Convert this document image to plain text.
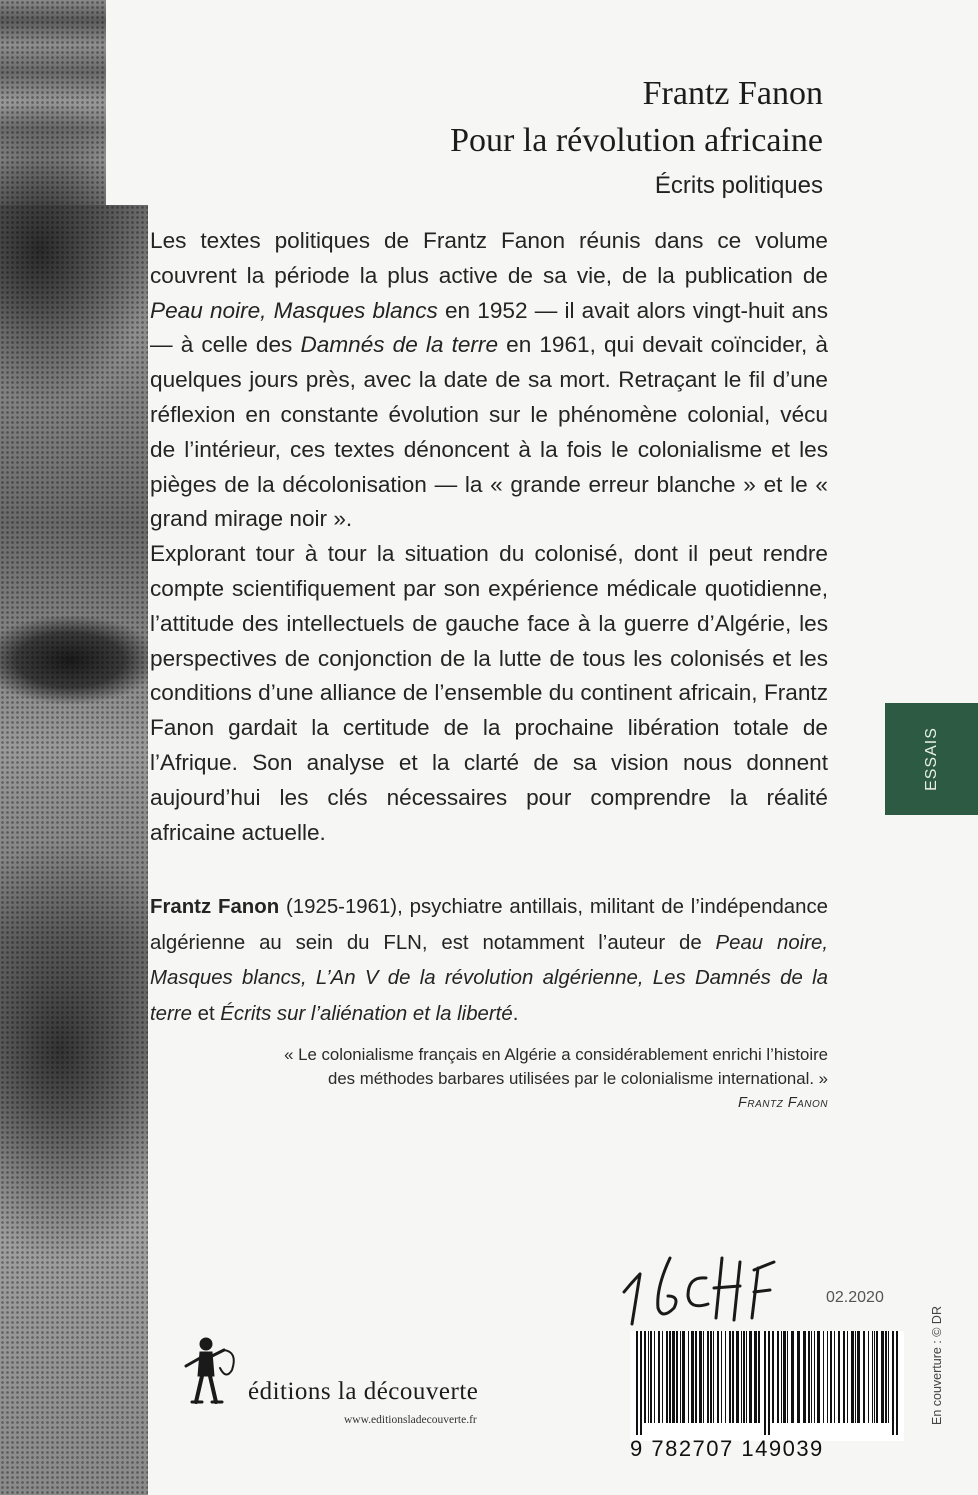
Frantz Fanon
Pour la révolution africaine
Écrits politiques

Les textes politiques de Frantz Fanon réunis dans ce volume couvrent la période la plus active de sa vie, de la publication de Peau noire, Masques blancs en 1952 — il avait alors vingt-huit ans — à celle des Damnés de la terre en 1961, qui devait coïncider, à quelques jours près, avec la date de sa mort. Retraçant le fil d’une réflexion en constante évolution sur le phénomène colonial, vécu de l’intérieur, ces textes dénoncent à la fois le colonialisme et les pièges de la décolonisation — la « grande erreur blanche » et le « grand mirage noir ».

Explorant tour à tour la situation du colonisé, dont il peut rendre compte scientifiquement par son expérience médicale quotidienne, l’attitude des intellectuels de gauche face à la guerre d’Algérie, les perspectives de conjonction de la lutte de tous les colonisés et les conditions d’une alliance de l’ensemble du continent africain, Frantz Fanon gardait la certitude de la prochaine libération totale de l’Afrique. Son analyse et la clarté de sa vision nous donnent aujourd’hui les clés nécessaires pour comprendre la réalité africaine actuelle.

ESSAIS

Frantz Fanon (1925-1961), psychiatre antillais, militant de l’indépendance algérienne au sein du FLN, est notamment l’auteur de Peau noire, Masques blancs, L’An V de la révolution algérienne, Les Damnés de la terre et Écrits sur l’aliénation et la liberté.

« Le colonialisme français en Algérie a considérablement enrichi l’histoire
des méthodes barbares utilisées par le colonialisme international. »
Frantz Fanon
02.2020
En couverture : © DR
9 782707 149039
éditions la découverte
www.editionsladecouverte.fr
